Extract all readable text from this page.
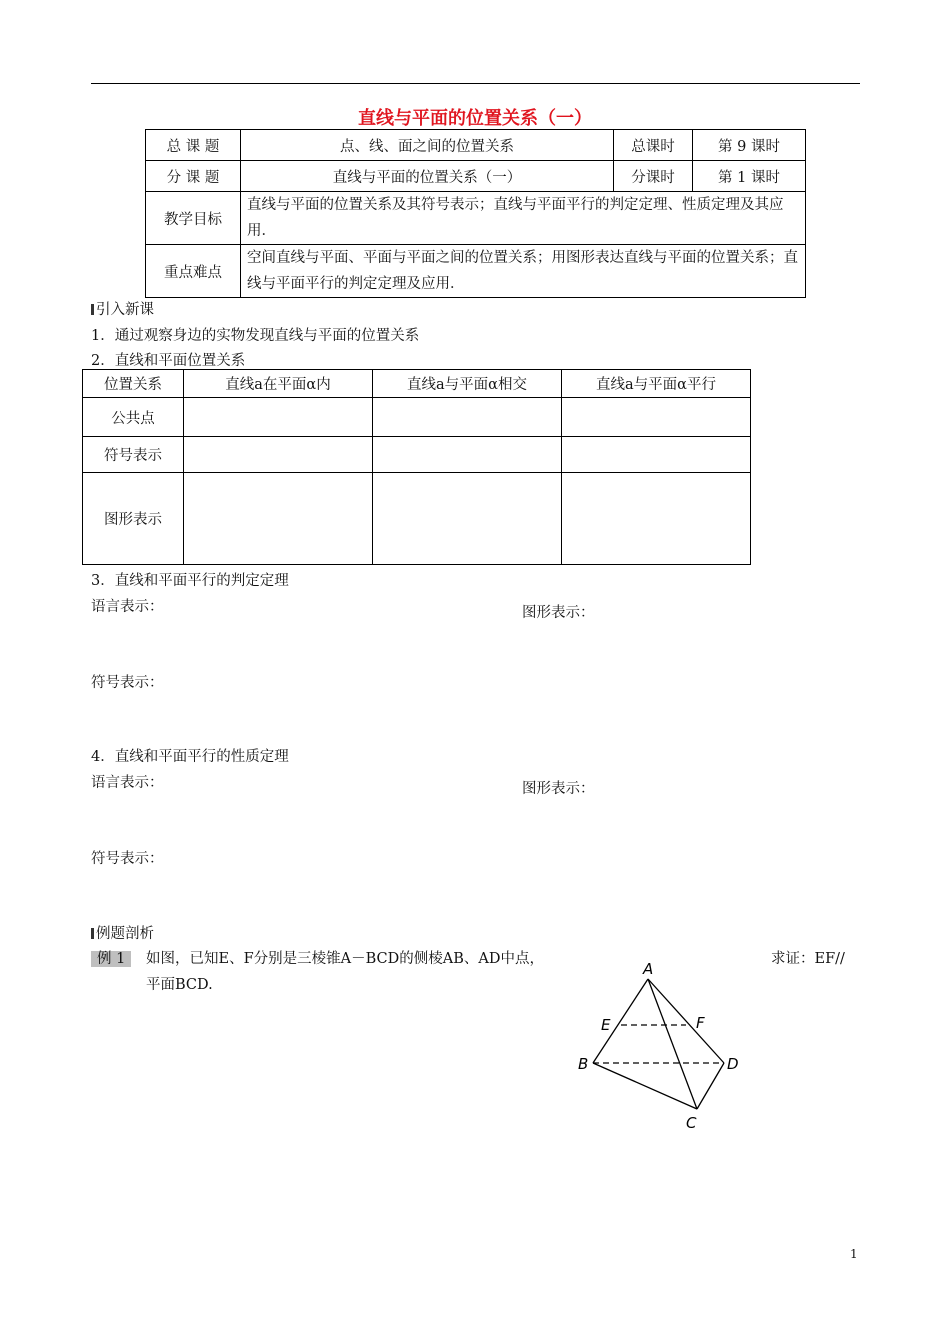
直线与平面的位置关系（一）
总 课 题	点、线、面之间的位置关系	总课时	第 9 课时
分 课 题	直线与平面的位置关系（一）	分课时	第 1 课时
教学目标	直线与平面的位置关系及其符号表示；直线与平面平行的判定定理、性质定理及其应用．		
重点难点	空间直线与平面、平面与平面之间的位置关系；用图形表达直线与平面的位置关系；直线与平面平行的判定定理及应用．		
引入新课
1．通过观察身边的实物发现直线与平面的位置关系
2．直线和平面位置关系
位置关系	直线a在平面α内	直线a与平面α相交	直线a与平面α平行
公共点			
符号表示			
图形表示			
3．直线和平面平行的判定定理
语言表示：	图形表示：
符号表示：
4．直线和平面平行的性质定理
语言表示：	图形表示：
符号表示：
例题剖析
例 1	如图，已知E、F分别是三棱锥A－BCD的侧棱AB、AD中点，	求证：EF//
平面BCD.
A
E	F
B	D
C
1
